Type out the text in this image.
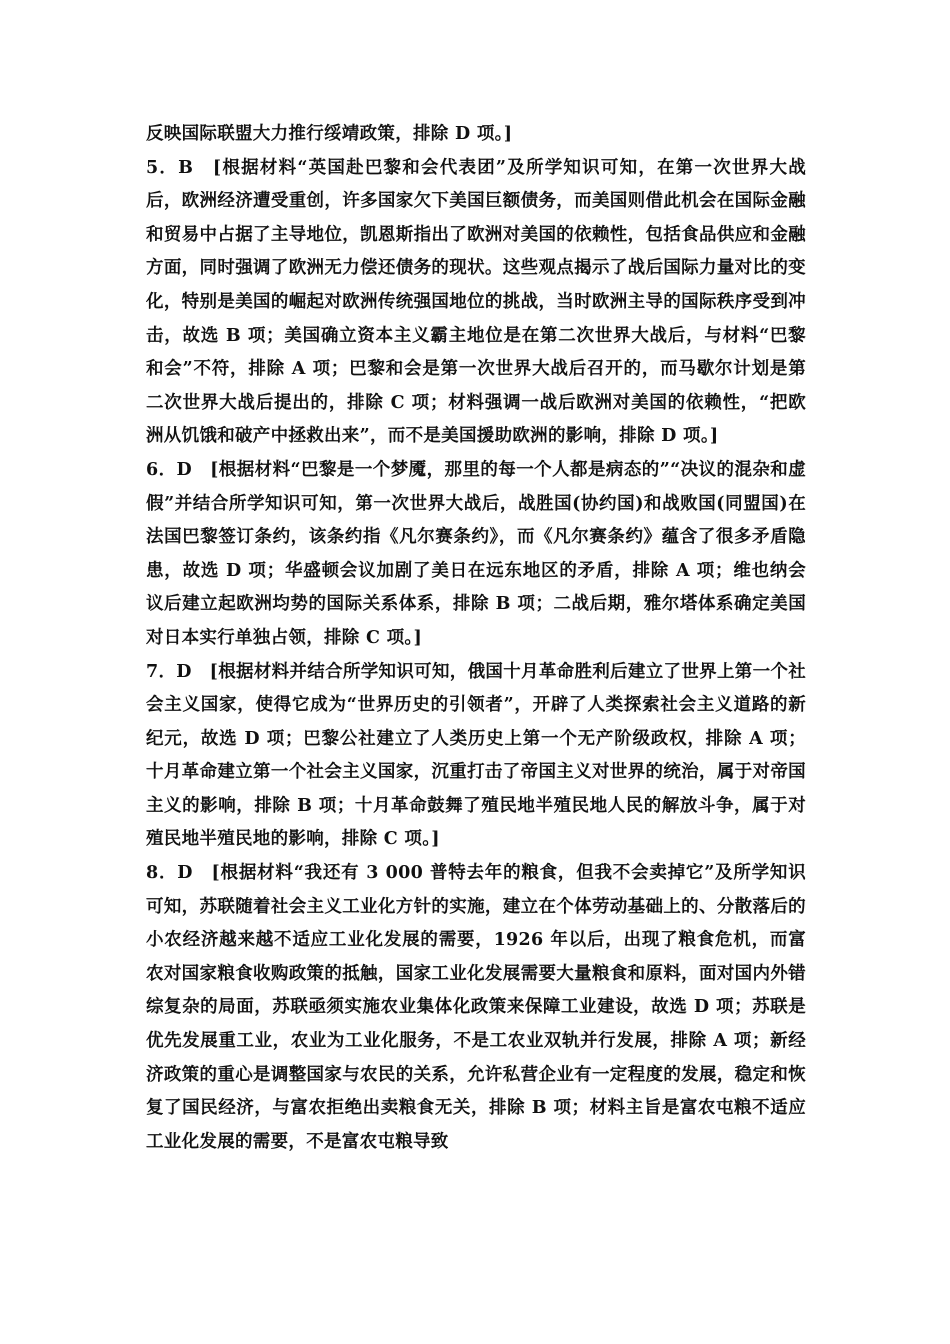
反映国际联盟大力推行绥靖政策，排除 D 项。]

5．B　[根据材料“英国赴巴黎和会代表团”及所学知识可知，在第一次世界大战后，欧洲经济遭受重创，许多国家欠下美国巨额债务，而美国则借此机会在国际金融和贸易中占据了主导地位，凯恩斯指出了欧洲对美国的依赖性，包括食品供应和金融方面，同时强调了欧洲无力偿还债务的现状。这些观点揭示了战后国际力量对比的变化，特别是美国的崛起对欧洲传统强国地位的挑战，当时欧洲主导的国际秩序受到冲击，故选 B 项；美国确立资本主义霸主地位是在第二次世界大战后，与材料“巴黎和会”不符，排除 A 项；巴黎和会是第一次世界大战后召开的，而马歇尔计划是第二次世界大战后提出的，排除 C 项；材料强调一战后欧洲对美国的依赖性，“把欧洲从饥饿和破产中拯救出来”，而不是美国援助欧洲的影响，排除 D 项。]

6．D　[根据材料“巴黎是一个梦魇，那里的每一个人都是病态的”“决议的混杂和虚假”并结合所学知识可知，第一次世界大战后，战胜国(协约国)和战败国(同盟国)在法国巴黎签订条约，该条约指《凡尔赛条约》，而《凡尔赛条约》蕴含了很多矛盾隐患，故选 D 项；华盛顿会议加剧了美日在远东地区的矛盾，排除 A 项；维也纳会议后建立起欧洲均势的国际关系体系，排除 B 项；二战后期，雅尔塔体系确定美国对日本实行单独占领，排除 C 项。]

7．D　[根据材料并结合所学知识可知，俄国十月革命胜利后建立了世界上第一个社会主义国家，使得它成为“世界历史的引领者”，开辟了人类探索社会主义道路的新纪元，故选 D 项；巴黎公社建立了人类历史上第一个无产阶级政权，排除 A 项；十月革命建立第一个社会主义国家，沉重打击了帝国主义对世界的统治，属于对帝国主义的影响，排除 B 项；十月革命鼓舞了殖民地半殖民地人民的解放斗争，属于对殖民地半殖民地的影响，排除 C 项。]

8．D　[根据材料“我还有 3 000 普特去年的粮食，但我不会卖掉它”及所学知识可知，苏联随着社会主义工业化方针的实施，建立在个体劳动基础上的、分散落后的小农经济越来越不适应工业化发展的需要，1926 年以后，出现了粮食危机，而富农对国家粮食收购政策的抵触，国家工业化发展需要大量粮食和原料，面对国内外错综复杂的局面，苏联亟须实施农业集体化政策来保障工业建设，故选 D 项；苏联是优先发展重工业，农业为工业化服务，不是工农业双轨并行发展，排除 A 项；新经济政策的重心是调整国家与农民的关系，允许私营企业有一定程度的发展，稳定和恢复了国民经济，与富农拒绝出卖粮食无关，排除 B 项；材料主旨是富农屯粮不适应工业化发展的需要，不是富农屯粮导致
